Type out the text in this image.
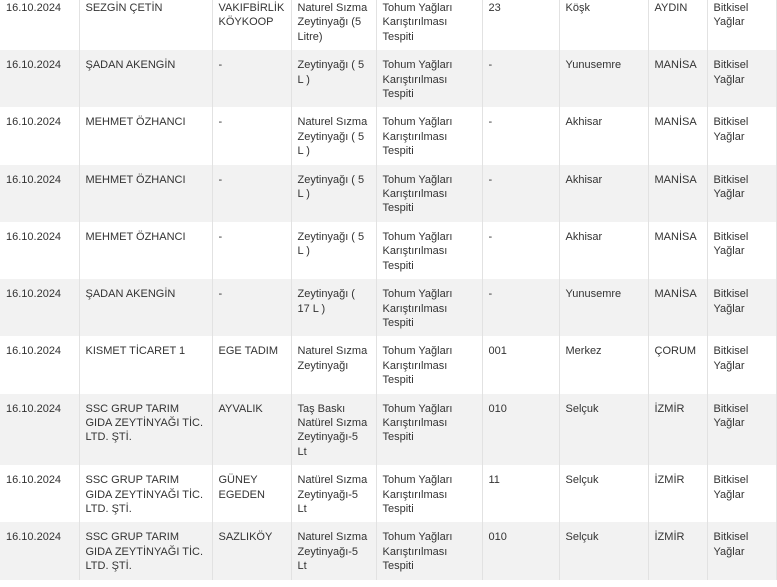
16.10.2024	SEZGİN ÇETİN	VAKIFBİRLİK KÖYKOOP	Naturel Sızma Zeytinyağı (5 Litre)	Tohum Yağları Karıştırılması Tespiti	23	Köşk	AYDIN	Bitkisel Yağlar
16.10.2024	ŞADAN AKENGİN	-	Zeytinyağı ( 5 L )	Tohum Yağları Karıştırılması Tespiti	-	Yunusemre	MANİSA	Bitkisel Yağlar
16.10.2024	MEHMET ÖZHANCI	-	Naturel Sızma Zeytinyağı ( 5 L )	Tohum Yağları Karıştırılması Tespiti	-	Akhisar	MANİSA	Bitkisel Yağlar
16.10.2024	MEHMET ÖZHANCI	-	Zeytinyağı ( 5 L )	Tohum Yağları Karıştırılması Tespiti	-	Akhisar	MANİSA	Bitkisel Yağlar
16.10.2024	MEHMET ÖZHANCI	-	Zeytinyağı ( 5 L )	Tohum Yağları Karıştırılması Tespiti	-	Akhisar	MANİSA	Bitkisel Yağlar
16.10.2024	ŞADAN AKENGİN	-	Zeytinyağı ( 17 L )	Tohum Yağları Karıştırılması Tespiti	-	Yunusemre	MANİSA	Bitkisel Yağlar
16.10.2024	KISMET TİCARET 1	EGE TADIM	Naturel Sızma Zeytinyağı	Tohum Yağları Karıştırılması Tespiti	001	Merkez	ÇORUM	Bitkisel Yağlar
16.10.2024	SSC GRUP TARIM GIDA ZEYTİNYAĞI TİC. LTD. ŞTİ.	AYVALIK	Taş Baskı Natürel Sızma Zeytinyağı-5 Lt	Tohum Yağları Karıştırılması Tespiti	010	Selçuk	İZMİR	Bitkisel Yağlar
16.10.2024	SSC GRUP TARIM GIDA ZEYTİNYAĞI TİC. LTD. ŞTİ.	GÜNEY EGEDEN	Natürel Sızma Zeytinyağı-5 Lt	Tohum Yağları Karıştırılması Tespiti	11	Selçuk	İZMİR	Bitkisel Yağlar
16.10.2024	SSC GRUP TARIM GIDA ZEYTİNYAĞI TİC. LTD. ŞTİ.	SAZLIKÖY	Naturel Sızma Zeytinyağı-5 Lt	Tohum Yağları Karıştırılması Tespiti	010	Selçuk	İZMİR	Bitkisel Yağlar
